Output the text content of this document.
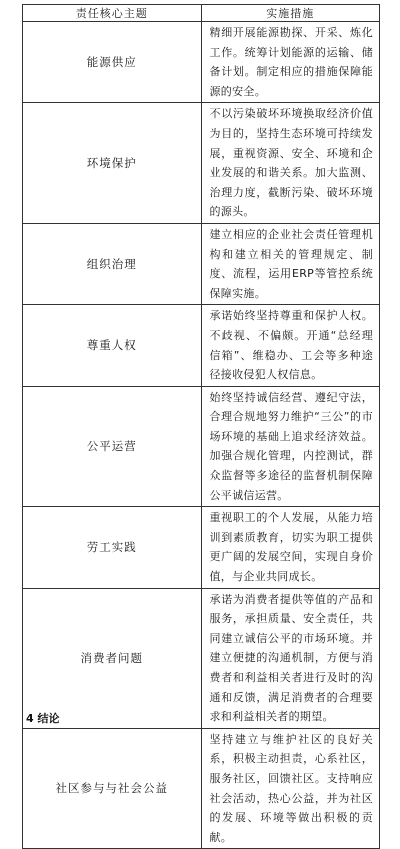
责任核心主题	实施措施
能源供应	精细开展能源勘探、开采、炼化工作。统筹计划能源的运输、储备计划。制定相应的措施保障能源的安全。
环境保护	不以污染破坏环境换取经济价值为目的，坚持生态环境可持续发展，重视资源、安全、环境和企业发展的和谐关系。加大监测、治理力度，截断污染、破坏环境的源头。
组织治理	建立相应的企业社会责任管理机构和建立相关的管理规定、制度、流程，运用ERP等管控系统保障实施。
尊重人权	承诺始终坚持尊重和保护人权。不歧视、不偏颇。开通“总经理信箱”、维稳办、工会等多种途径接收侵犯人权信息。
公平运营	始终坚持诚信经营、遵纪守法，合理合规地努力维护“三公”的市场环境的基础上追求经济效益。加强合规化管理，内控测试，群众监督等多途径的监督机制保障公平诚信运营。
劳工实践	重视职工的个人发展，从能力培训到素质教育，切实为职工提供更广阔的发展空间，实现自身价值，与企业共同成长。
消费者问题	承诺为消费者提供等值的产品和服务，承担质量、安全责任，共同建立诚信公平的市场环境。并建立便捷的沟通机制，方便与消费者和利益相关者进行及时的沟通和反馈，满足消费者的合理要求和利益相关者的期望。
社区参与与社会公益	坚持建立与维护社区的良好关系，积极主动担责，心系社区，服务社区，回馈社区。支持响应社会活动，热心公益，并为社区的发展、环境等做出积极的贡献。
4 结论
